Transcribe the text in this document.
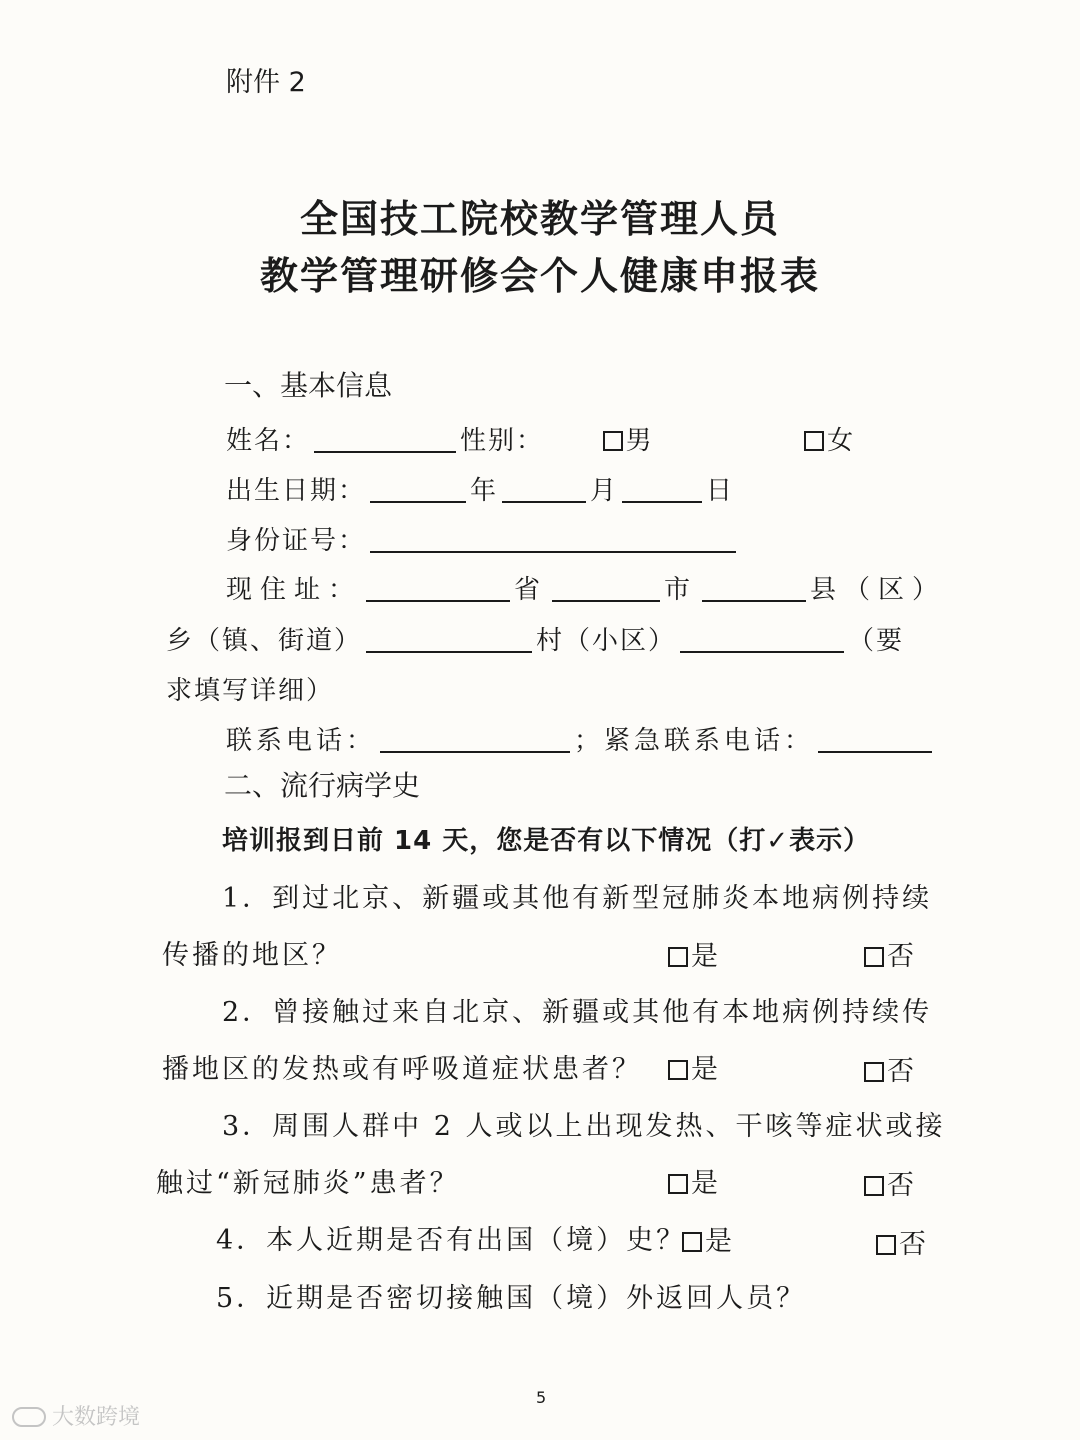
附件 2
全国技工院校教学管理人员
教学管理研修会个人健康申报表
一、基本信息
姓名：	性别：	男	女
出生日期：	年	月	日
身份证号：
现住址：	省	市	县（区）
乡（镇、街道）	村（小区）	（要
求填写详细）
联系电话：	；紧急联系电话：
二、流行病学史
培训报到日前 14 天，您是否有以下情况（打✓表示）
1．到过北京、新疆或其他有新型冠肺炎本地病例持续
传播的地区？	是	否
2．曾接触过来自北京、新疆或其他有本地病例持续传
播地区的发热或有呼吸道症状患者？	是	否
3．周围人群中 2 人或以上出现发热、干咳等症状或接
触过“新冠肺炎”患者？	是	否
4．本人近期是否有出国（境）史？ 是	否
5．近期是否密切接触国（境）外返回人员？
5
大数跨境
